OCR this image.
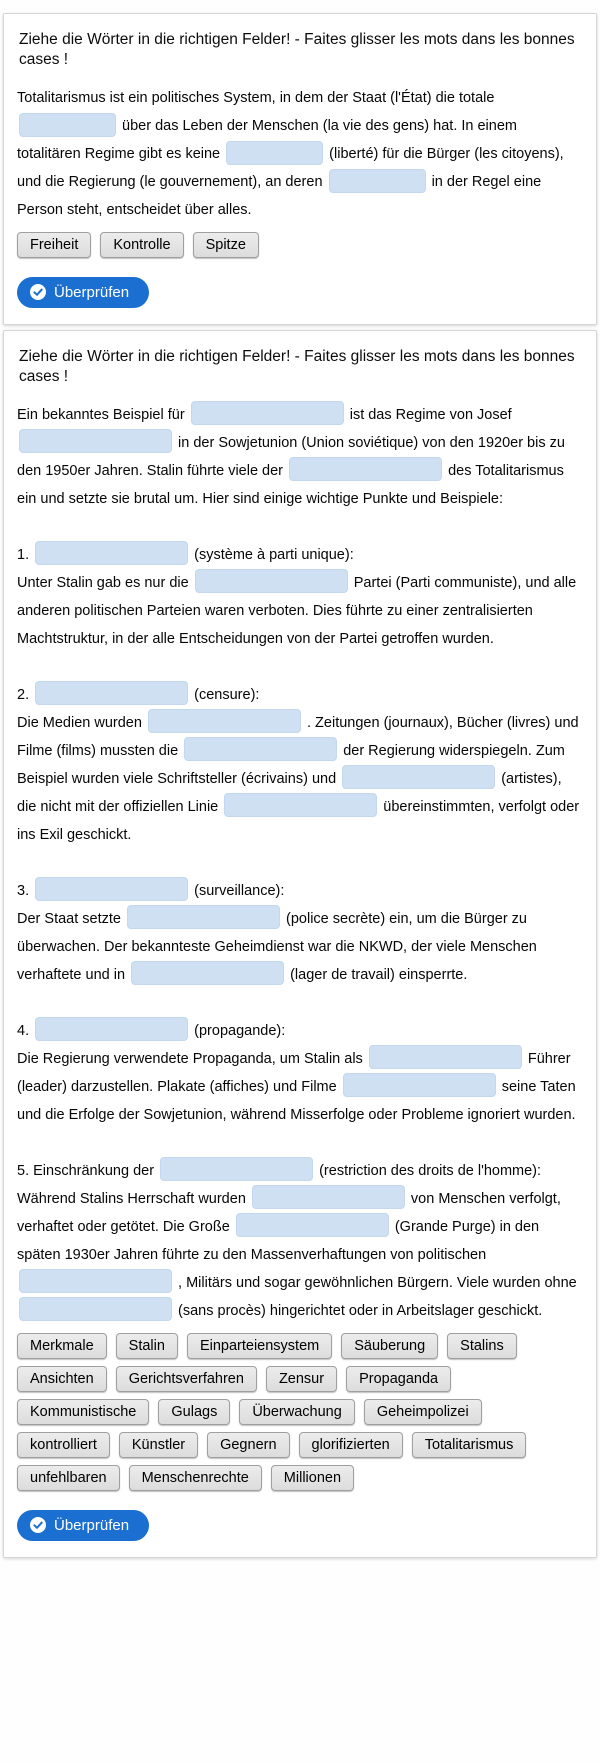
Ziehe die Wörter in die richtigen Felder! - Faites glisser les mots dans les bonnes cases !

Totalitarismus ist ein politisches System, in dem der Staat (l'État) die totale  über das Leben der Menschen (la vie des gens) hat. In einem totalitären Regime gibt es keine	(liberté) für die Bürger (les citoyens), und die Regierung (le gouvernement), an deren	in der Regel eine Person steht, entscheidet über alles.

Freiheit	Kontrolle	Spitze
Überprüfen
Ziehe die Wörter in die richtigen Felder! - Faites glisser les mots dans les bonnes cases !

Ein bekanntes Beispiel für	ist das Regime von Josef  in der Sowjetunion (Union soviétique) von den 1920er bis zu den 1950er Jahren. Stalin führte viele der	des Totalitarismus ein und setzte sie brutal um. Hier sind einige wichtige Punkte und Beispiele:

1.	(système à parti unique):
Unter Stalin gab es nur die	Partei (Parti communiste), und alle anderen politischen Parteien waren verboten. Dies führte zu einer zentralisierten Machtstruktur, in der alle Entscheidungen von der Partei getroffen wurden.

2.	(censure):
Die Medien wurden	. Zeitungen (journaux), Bücher (livres) und Filme (films) mussten die	der Regierung widerspiegeln. Zum Beispiel wurden viele Schriftsteller (écrivains) und	(artistes), die nicht mit der offiziellen Linie	übereinstimmten, verfolgt oder ins Exil geschickt.

3.	(surveillance):
Der Staat setzte	(police secrète) ein, um die Bürger zu überwachen. Der bekannteste Geheimdienst war die NKWD, der viele Menschen verhaftete und in	(lager de travail) einsperrte.

4.	(propagande):
Die Regierung verwendete Propaganda, um Stalin als	Führer (leader) darzustellen. Plakate (affiches) und Filme	seine Taten und die Erfolge der Sowjetunion, während Misserfolge oder Probleme ignoriert wurden.

5. Einschränkung der	(restriction des droits de l'homme):
Während Stalins Herrschaft wurden	von Menschen verfolgt, verhaftet oder getötet. Die Große	(Grande Purge) in den späten 1930er Jahren führte zu den Massenverhaftungen von politischen  , Militärs und sogar gewöhnlichen Bürgern. Viele wurden ohne  (sans procès) hingerichtet oder in Arbeitslager geschickt.

Merkmale	Stalin	Einparteiensystem	Säuberung	Stalins
Ansichten	Gerichtsverfahren	Zensur	Propaganda
Kommunistische	Gulags	Überwachung	Geheimpolizei
kontrolliert	Künstler	Gegnern	glorifizierten	Totalitarismus
unfehlbaren	Menschenrechte	Millionen
Überprüfen
